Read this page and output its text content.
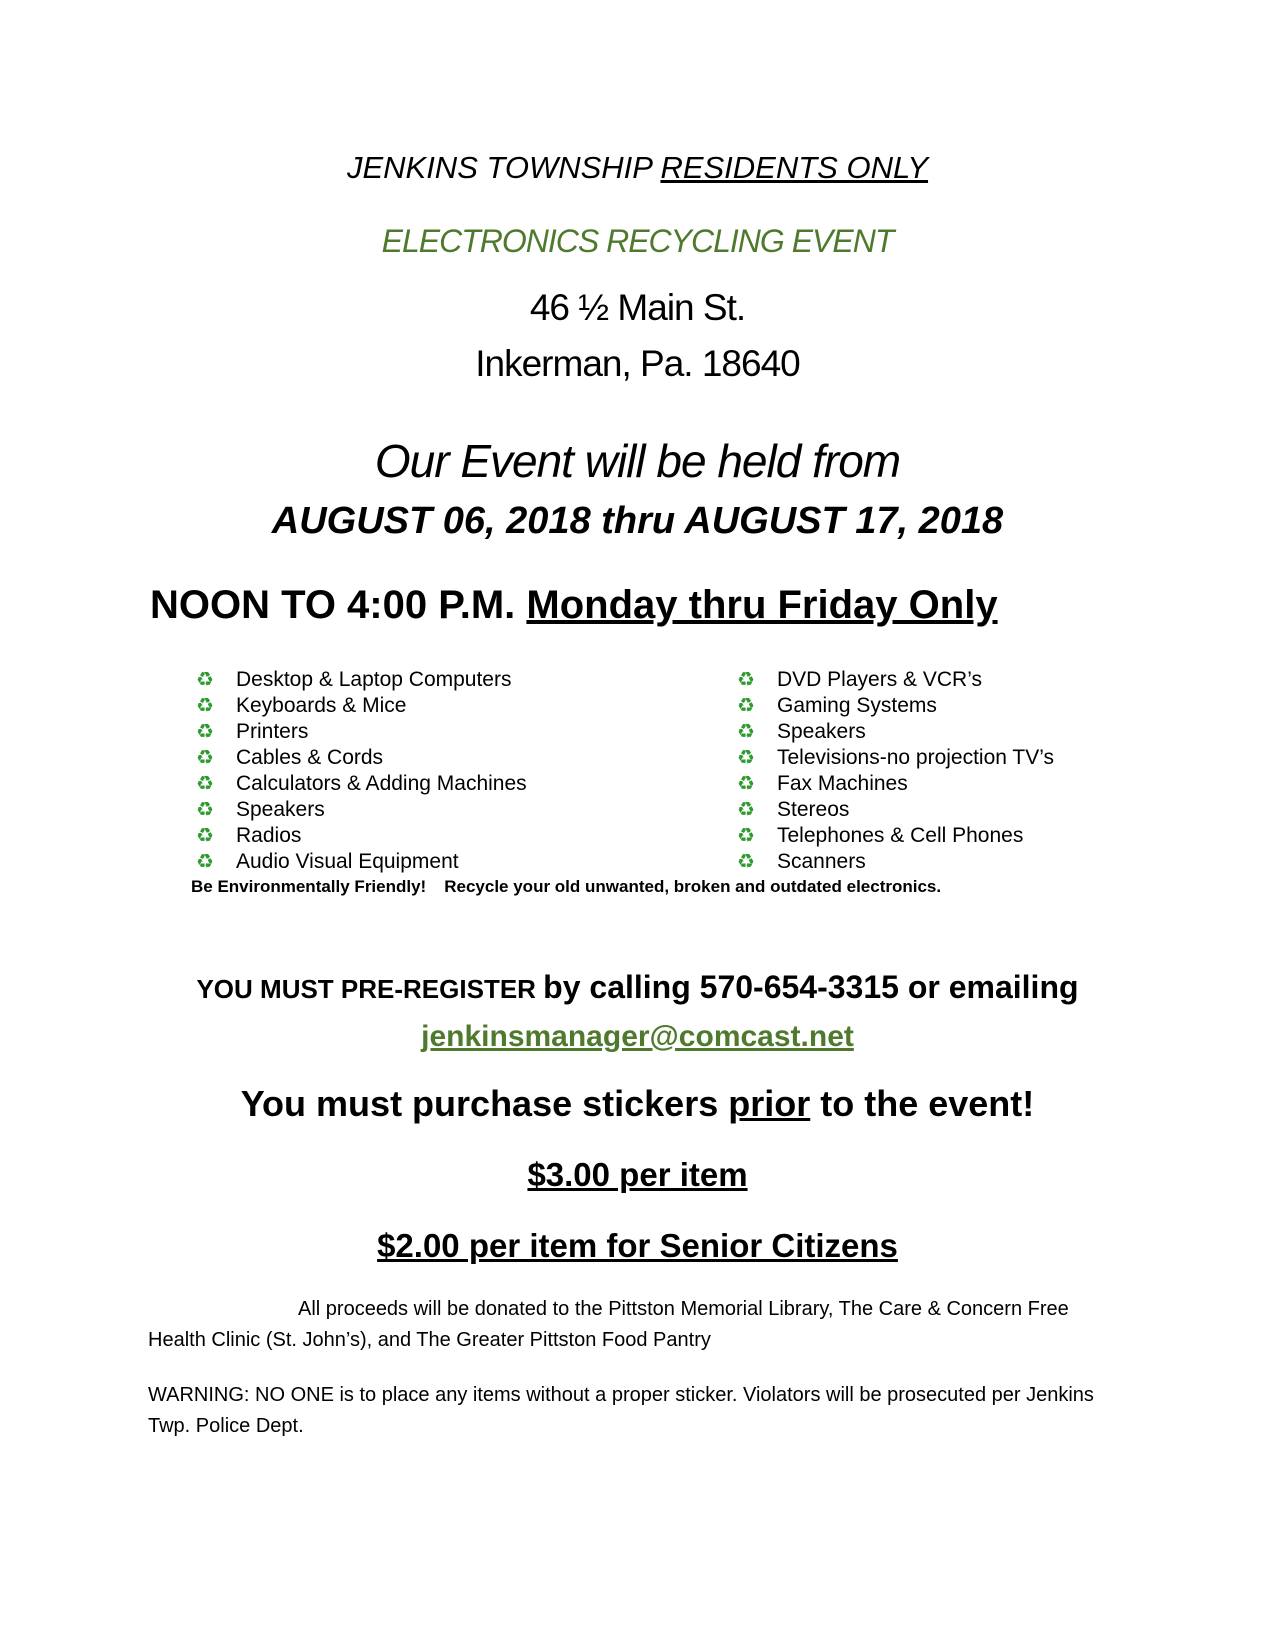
JENKINS TOWNSHIP RESIDENTS ONLY
ELECTRONICS RECYCLING EVENT
46 ½ Main St.
Inkerman, Pa. 18640
Our Event will be held from
AUGUST 06, 2018 thru AUGUST 17, 2018
NOON TO 4:00 P.M. Monday thru Friday Only
♻ Desktop & Laptop Computers
♻ Keyboards & Mice
♻ Printers
♻ Cables & Cords
♻ Calculators & Adding Machines
♻ Speakers
♻ Radios
♻ Audio Visual Equipment
♻ DVD Players & VCR’s
♻ Gaming Systems
♻ Speakers
♻ Televisions-no projection TV’s
♻ Fax Machines
♻ Stereos
♻ Telephones & Cell Phones
♻ Scanners
Be Environmentally Friendly! Recycle your old unwanted, broken and outdated electronics.
YOU MUST PRE-REGISTER by calling 570-654-3315 or emailing
jenkinsmanager@comcast.net
You must purchase stickers prior to the event!
$3.00 per item
$2.00 per item for Senior Citizens

All proceeds will be donated to the Pittston Memorial Library, The Care & Concern Free Health Clinic (St. John’s), and The Greater Pittston Food Pantry

WARNING: NO ONE is to place any items without a proper sticker. Violators will be prosecuted per Jenkins Twp. Police Dept.
